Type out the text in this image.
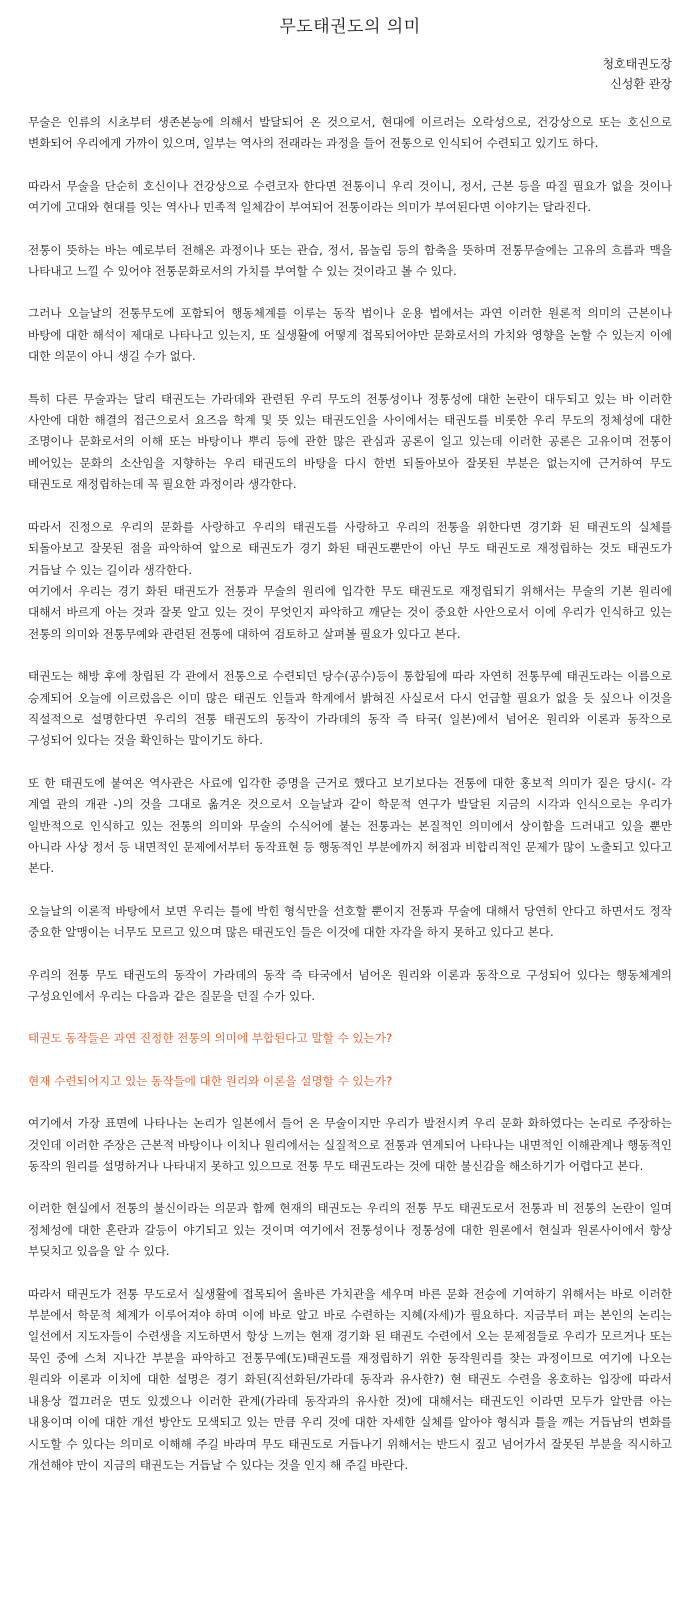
무도태권도의 의미
청호태권도장
신성환 관장

무술은 인류의 시초부터 생존본능에 의해서 발달되어 온 것으로서, 현대에 이르러는 오락성으로, 건강상으로 또는 호신으로 변화되어 우리에게 가까이 있으며, 일부는 역사의 전래라는 과정을 들어 전통으로 인식되어 수련되고 있기도 하다.

따라서 무술을 단순히 호신이나 건강상으로 수련코자 한다면 전통이니 우리 것이니, 정서, 근본 등을 따질 필요가 없을 것이나 여기에 고대와 현대를 잇는 역사나 민족적 일체감이 부여되어 전통이라는 의미가 부여된다면 이야기는 달라진다.

전통이 뜻하는 바는 예로부터 전해온 과정이나 또는 관습, 정서, 몸놀림 등의 함축을 뜻하며 전통무술에는 고유의 흐름과 맥을 나타내고 느낄 수 있어야 전통문화로서의 가치를 부여할 수 있는 것이라고 볼 수 있다.

그러나 오늘날의 전통무도에 포함되어 행동체계를 이루는 동작 법이나 운용 법에서는 과연 이러한 원론적 의미의 근본이나 바탕에 대한 해석이 제대로 나타나고 있는지, 또 실생활에 어떻게 접목되어야만 문화로서의 가치와 영향을 논할 수 있는지 이에 대한 의문이 아니 생길 수가 없다.

특히 다른 무술과는 달리 태권도는 가라데와 관련된 우리 무도의 전통성이나 정통성에 대한 논란이 대두되고 있는 바 이러한 사안에 대한 해결의 접근으로서 요즈음 학계 및 뜻 있는 태권도인을 사이에서는 태권도를 비롯한 우리 무도의 정체성에 대한 조명이나 문화로서의 이해 또는 바탕이나 뿌리 등에 관한 많은 관심과 공론이 일고 있는데 이러한 공론은 고유이며 전통이 베어있는 문화의 소산임을 지향하는 우리 태권도의 바탕을 다시 한번 되돌아보아 잘못된 부분은 없는지에 근거하여 무도 태권도로 재정립하는데 꼭 필요한 과정이라 생각한다.

따라서 진정으로 우리의 문화를 사랑하고 우리의 태권도를 사랑하고 우리의 전통을 위한다면 경기화 된 태권도의 실체를 되돌아보고 잘못된 점을 파악하여 앞으로 태권도가 경기 화된 태권도뿐만이 아닌 무도 태권도로 재정립하는 것도 태권도가 거듭날 수 있는 길이라 생각한다.

여기에서 우리는 경기 화된 태권도가 전통과 무술의 원리에 입각한 무도 태권도로 재정립되기 위해서는 무술의 기본 원리에 대해서 바르게 아는 것과 잘못 알고 있는 것이 무엇인지 파악하고 깨닫는 것이 중요한 사안으로서 이에 우리가 인식하고 있는 전통의 의미와 전통무예와 관련된 전통에 대하여 검토하고 살펴볼 필요가 있다고 본다.

태권도는 해방 후에 창립된 각 관에서 전통으로 수련되던 당수(공수)등이 통합됨에 따라 자연히 전통무예 태권도라는 이름으로 승계되어 오늘에 이르렀음은 이미 많은 태권도 인들과 학계에서 밝혀진 사실로서 다시 언급할 필요가 없을 듯 싶으나 이것을 직설적으로 설명한다면 우리의 전통 태권도의 동작이 가라데의 동작 즉 타국( 일본)에서 넘어온 원리와 이론과 동작으로 구성되어 있다는 것을 확인하는 말이기도 하다.

또 한 태권도에 붙여온 역사관은 사료에 입각한 증명을 근거로 했다고 보기보다는 전통에 대한 홍보적 의미가 짙은 당시(- 각 계열 관의 개관 -)의 것을 그대로 옮겨온 것으로서 오늘날과 같이 학문적 연구가 발달된 지금의 시각과 인식으로는 우리가 일반적으로 인식하고 있는 전통의 의미와 무술의 수식어에 붙는 전통과는 본질적인 의미에서 상이함을 드러내고 있을 뿐만 아니라 사상 정서 등 내면적인 문제에서부터 동작표현 등 행동적인 부분에까지 허점과 비합리적인 문제가 많이 노출되고 있다고 본다.

오늘날의 이론적 바탕에서 보면 우리는 틀에 박힌 형식만을 선호할 뿐이지 전통과 무술에 대해서 당연히 안다고 하면서도 정작 중요한 알맹이는 너무도 모르고 있으며 많은 태권도인 들은 이것에 대한 자각을 하지 못하고 있다고 본다.

우리의 전통 무도 태권도의 동작이 가라데의 동작 즉 타국에서 넘어온 원리와 이론과 동작으로 구성되어 있다는 행동체계의 구성요인에서 우리는 다음과 같은 질문을 던질 수가 있다.

태권도 동작들은 과연 진정한 전통의 의미에 부합된다고 말할 수 있는가?

현재 수련되어지고 있는 동작들에 대한 원리와 이론을 설명할 수 있는가?

여기에서 가장 표면에 나타나는 논리가 일본에서 들어 온 무술이지만 우리가 발전시켜 우리 문화 화하였다는 논리로 주장하는 것인데 이러한 주장은 근본적 바탕이나 이치나 원리에서는 실질적으로 전통과 연계되어 나타나는 내면적인 이해관계나 행동적인 동작의 원리를 설명하거나 나타내지 못하고 있으므로 전통 무도 태권도라는 것에 대한 불신감을 해소하기가 어렵다고 본다.

이러한 현실에서 전통의 불신이라는 의문과 함께 현재의 태권도는 우리의 전통 무도 태권도로서 전통과 비 전통의 논란이 일며 정체성에 대한 혼란과 갈등이 야기되고 있는 것이며 여기에서 전통성이나 정통성에 대한 원론에서 현실과 원론사이에서 항상 부딪치고 있음을 알 수 있다.

따라서 태권도가 전통 무도로서 실생활에 접목되어 올바른 가치관을 세우며 바른 문화 전승에 기여하기 위해서는 바로 이러한 부분에서 학문적 체계가 이루어져야 하며 이에 바로 알고 바로 수련하는 지혜(자세)가 필요하다. 지금부터 펴는 본인의 논리는 일선에서 지도자들이 수련생을 지도하면서 항상 느끼는 현재 경기화 된 태권도 수련에서 오는 문제점들로 우리가 모르거나 또는 묵인 중에 스쳐 지나간 부분을 파악하고 전통무예(도)태권도를 재정립하기 위한 동작원리를 찾는 과정이므로 여기에 나오는 원리와 이론과 이치에 대한 설명은 경기 화된(직선화된/가라데 동작과 유사한?) 현 태권도 수련을 옹호하는 입장에 따라서 내용상 껄끄러운 면도 있겠으나 이러한 관계(가라데 동작과의 유사한 것)에 대해서는 태권도인 이라면 모두가 알만큼 아는 내용이며 이에 대한 개선 방안도 모색되고 있는 만큼 우리 것에 대한 자세한 실체를 알아야 형식과 틀을 깨는 거듭남의 변화를 시도할 수 있다는 의미로 이해해 주길 바라며 무도 태권도로 거듭나기 위해서는 반드시 짚고 넘어가서 잘못된 부분을 직시하고 개선해야 만이 지금의 태권도는 거듭날 수 있다는 것을 인지 해 주길 바란다.
